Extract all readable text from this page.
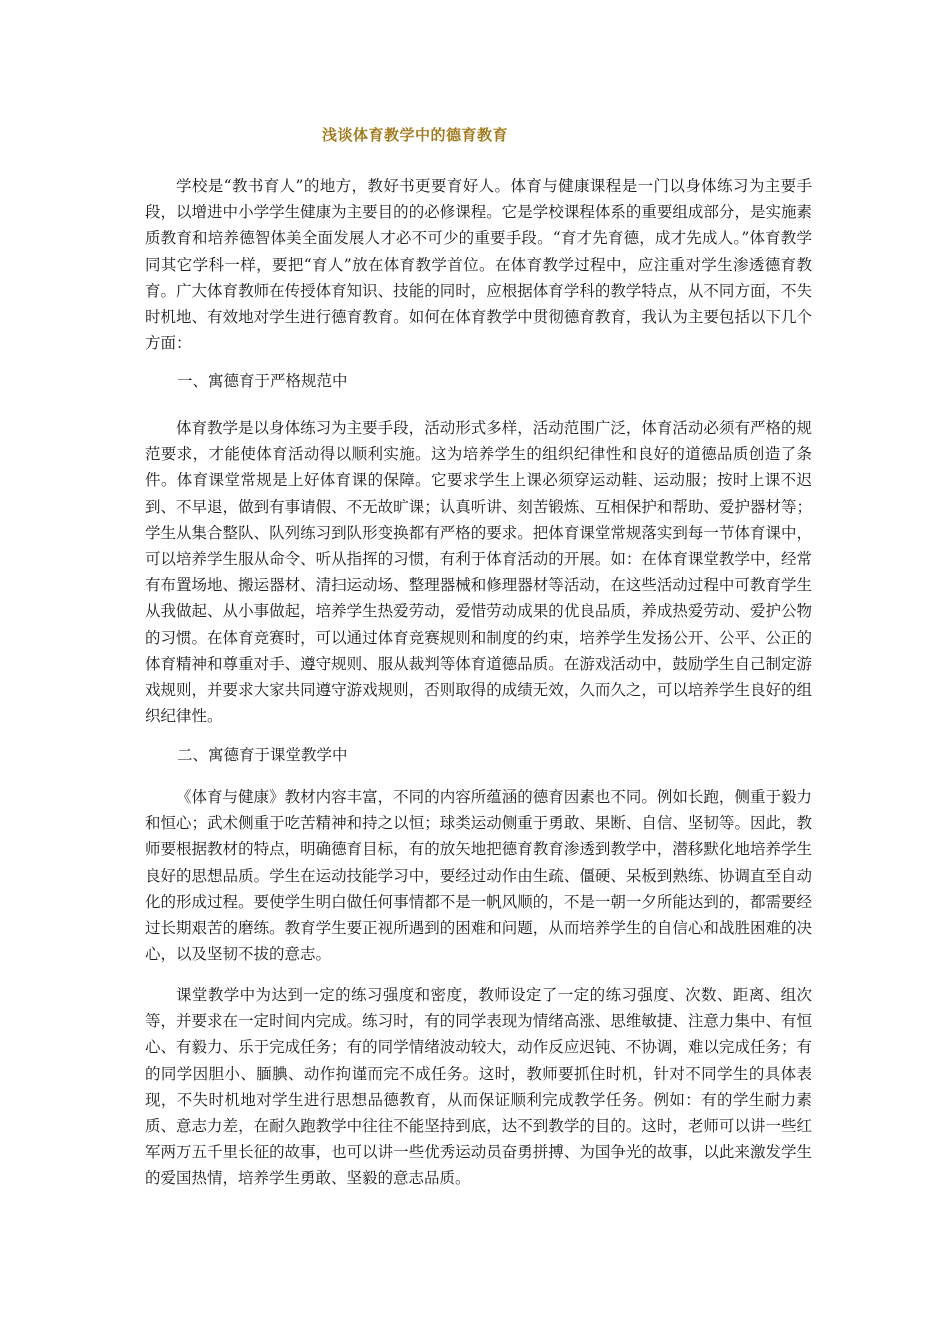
浅谈体育教学中的德育教育

学校是“教书育人”的地方，教好书更要育好人。体育与健康课程是一门以身体练习为主要手段，以增进中小学学生健康为主要目的的必修课程。它是学校课程体系的重要组成部分，是实施素质教育和培养德智体美全面发展人才必不可少的重要手段。“育才先育德，成才先成人。”体育教学同其它学科一样，要把“育人”放在体育教学首位。在体育教学过程中，应注重对学生渗透德育教育。广大体育教师在传授体育知识、技能的同时，应根据体育学科的教学特点，从不同方面，不失时机地、有效地对学生进行德育教育。如何在体育教学中贯彻德育教育，我认为主要包括以下几个方面：

一、寓德育于严格规范中

体育教学是以身体练习为主要手段，活动形式多样，活动范围广泛，体育活动必须有严格的规范要求，才能使体育活动得以顺利实施。这为培养学生的组织纪律性和良好的道德品质创造了条件。体育课堂常规是上好体育课的保障。它要求学生上课必须穿运动鞋、运动服；按时上课不迟到、不早退，做到有事请假、不无故旷课；认真听讲、刻苦锻炼、互相保护和帮助、爱护器材等；学生从集合整队、队列练习到队形变换都有严格的要求。把体育课堂常规落实到每一节体育课中，可以培养学生服从命令、听从指挥的习惯，有利于体育活动的开展。如：在体育课堂教学中，经常有布置场地、搬运器材、清扫运动场、整理器械和修理器材等活动，在这些活动过程中可教育学生从我做起、从小事做起，培养学生热爱劳动，爱惜劳动成果的优良品质，养成热爱劳动、爱护公物的习惯。在体育竞赛时，可以通过体育竞赛规则和制度的约束，培养学生发扬公开、公平、公正的体育精神和尊重对手、遵守规则、服从裁判等体育道德品质。在游戏活动中，鼓励学生自己制定游戏规则，并要求大家共同遵守游戏规则，否则取得的成绩无效，久而久之，可以培养学生良好的组织纪律性。

二、寓德育于课堂教学中

《体育与健康》教材内容丰富，不同的内容所蕴涵的德育因素也不同。例如长跑，侧重于毅力和恒心；武术侧重于吃苦精神和持之以恒；球类运动侧重于勇敢、果断、自信、坚韧等。因此，教师要根据教材的特点，明确德育目标，有的放矢地把德育教育渗透到教学中，潜移默化地培养学生良好的思想品质。学生在运动技能学习中，要经过动作由生疏、僵硬、呆板到熟练、协调直至自动化的形成过程。要使学生明白做任何事情都不是一帆风顺的，不是一朝一夕所能达到的，都需要经过长期艰苦的磨练。教育学生要正视所遇到的困难和问题，从而培养学生的自信心和战胜困难的决心，以及坚韧不拔的意志。

课堂教学中为达到一定的练习强度和密度，教师设定了一定的练习强度、次数、距离、组次等，并要求在一定时间内完成。练习时，有的同学表现为情绪高涨、思维敏捷、注意力集中、有恒心、有毅力、乐于完成任务；有的同学情绪波动较大，动作反应迟钝、不协调，难以完成任务；有的同学因胆小、腼腆、动作拘谨而完不成任务。这时，教师要抓住时机，针对不同学生的具体表现，不失时机地对学生进行思想品德教育，从而保证顺利完成教学任务。例如：有的学生耐力素质、意志力差，在耐久跑教学中往往不能坚持到底，达不到教学的目的。这时，老师可以讲一些红军两万五千里长征的故事，也可以讲一些优秀运动员奋勇拼搏、为国争光的故事，以此来激发学生的爱国热情，培养学生勇敢、坚毅的意志品质。
